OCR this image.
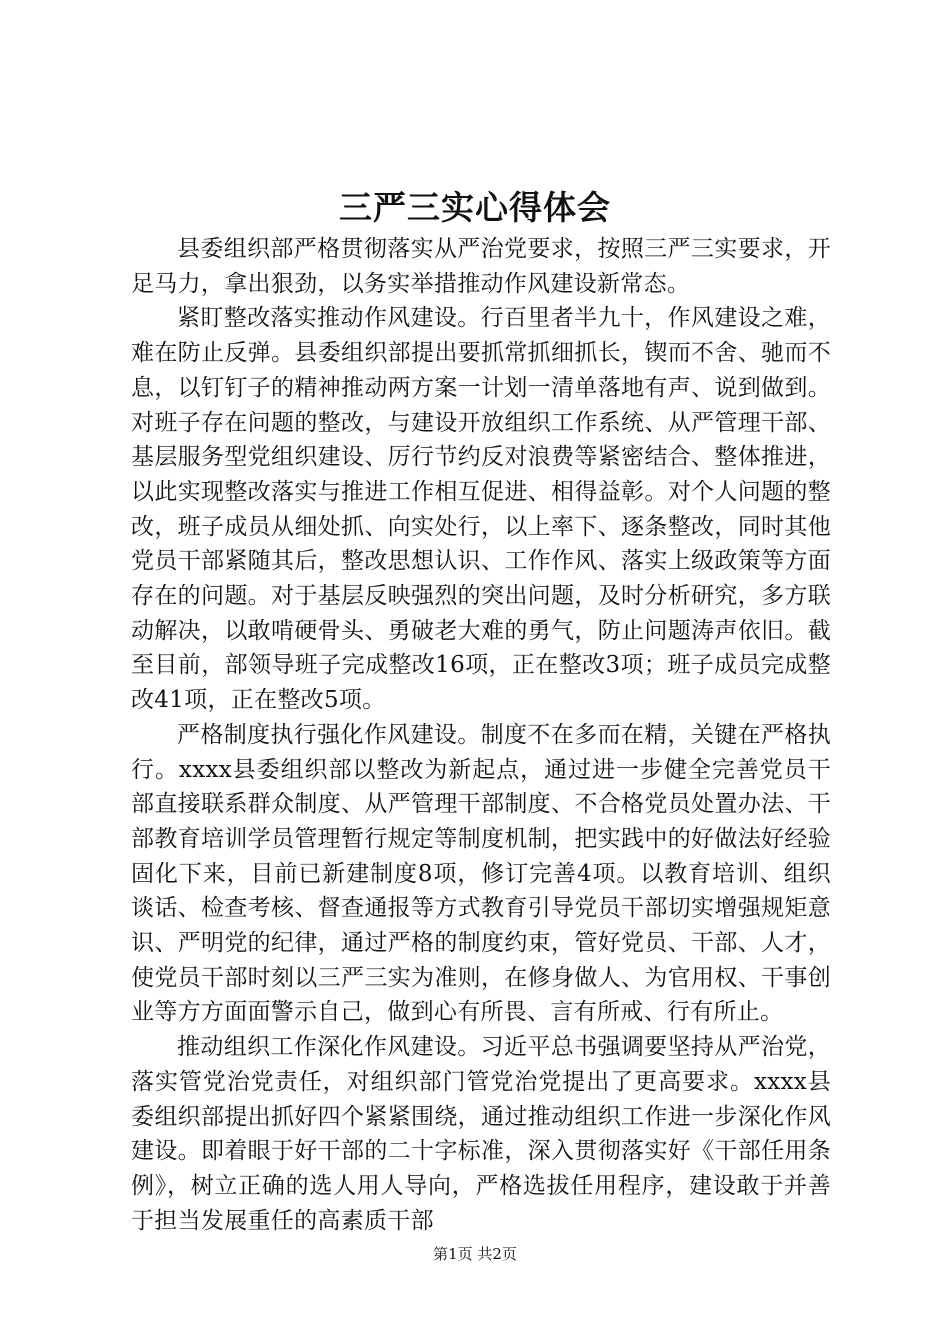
三严三实心得体会

县委组织部严格贯彻落实从严治党要求，按照三严三实要求，开足马力，拿出狠劲，以务实举措推动作风建设新常态。

紧盯整改落实推动作风建设。行百里者半九十，作风建设之难，难在防止反弹。县委组织部提出要抓常抓细抓长，锲而不舍、驰而不息，以钉钉子的精神推动两方案一计划一清单落地有声、说到做到。对班子存在问题的整改，与建设开放组织工作系统、从严管理干部、基层服务型党组织建设、厉行节约反对浪费等紧密结合、整体推进，以此实现整改落实与推进工作相互促进、相得益彰。对个人问题的整改，班子成员从细处抓、向实处行，以上率下、逐条整改，同时其他党员干部紧随其后，整改思想认识、工作作风、落实上级政策等方面存在的问题。对于基层反映强烈的突出问题，及时分析研究，多方联动解决，以敢啃硬骨头、勇破老大难的勇气，防止问题涛声依旧。截至目前，部领导班子完成整改16项，正在整改3项；班子成员完成整改41项，正在整改5项。

严格制度执行强化作风建设。制度不在多而在精，关键在严格执行。xxxx县委组织部以整改为新起点，通过进一步健全完善党员干部直接联系群众制度、从严管理干部制度、不合格党员处置办法、干部教育培训学员管理暂行规定等制度机制，把实践中的好做法好经验固化下来，目前已新建制度8项，修订完善4项。以教育培训、组织谈话、检查考核、督查通报等方式教育引导党员干部切实增强规矩意识、严明党的纪律，通过严格的制度约束，管好党员、干部、人才，使党员干部时刻以三严三实为准则，在修身做人、为官用权、干事创业等方方面面警示自己，做到心有所畏、言有所戒、行有所止。

推动组织工作深化作风建设。习近平总书强调要坚持从严治党，落实管党治党责任，对组织部门管党治党提出了更高要求。xxxx县委组织部提出抓好四个紧紧围绕，通过推动组织工作进一步深化作风建设。即着眼于好干部的二十字标准，深入贯彻落实好《干部任用条例》，树立正确的选人用人导向，严格选拔任用程序，建设敢于并善于担当发展重任的高素质干部

第1页 共2页
